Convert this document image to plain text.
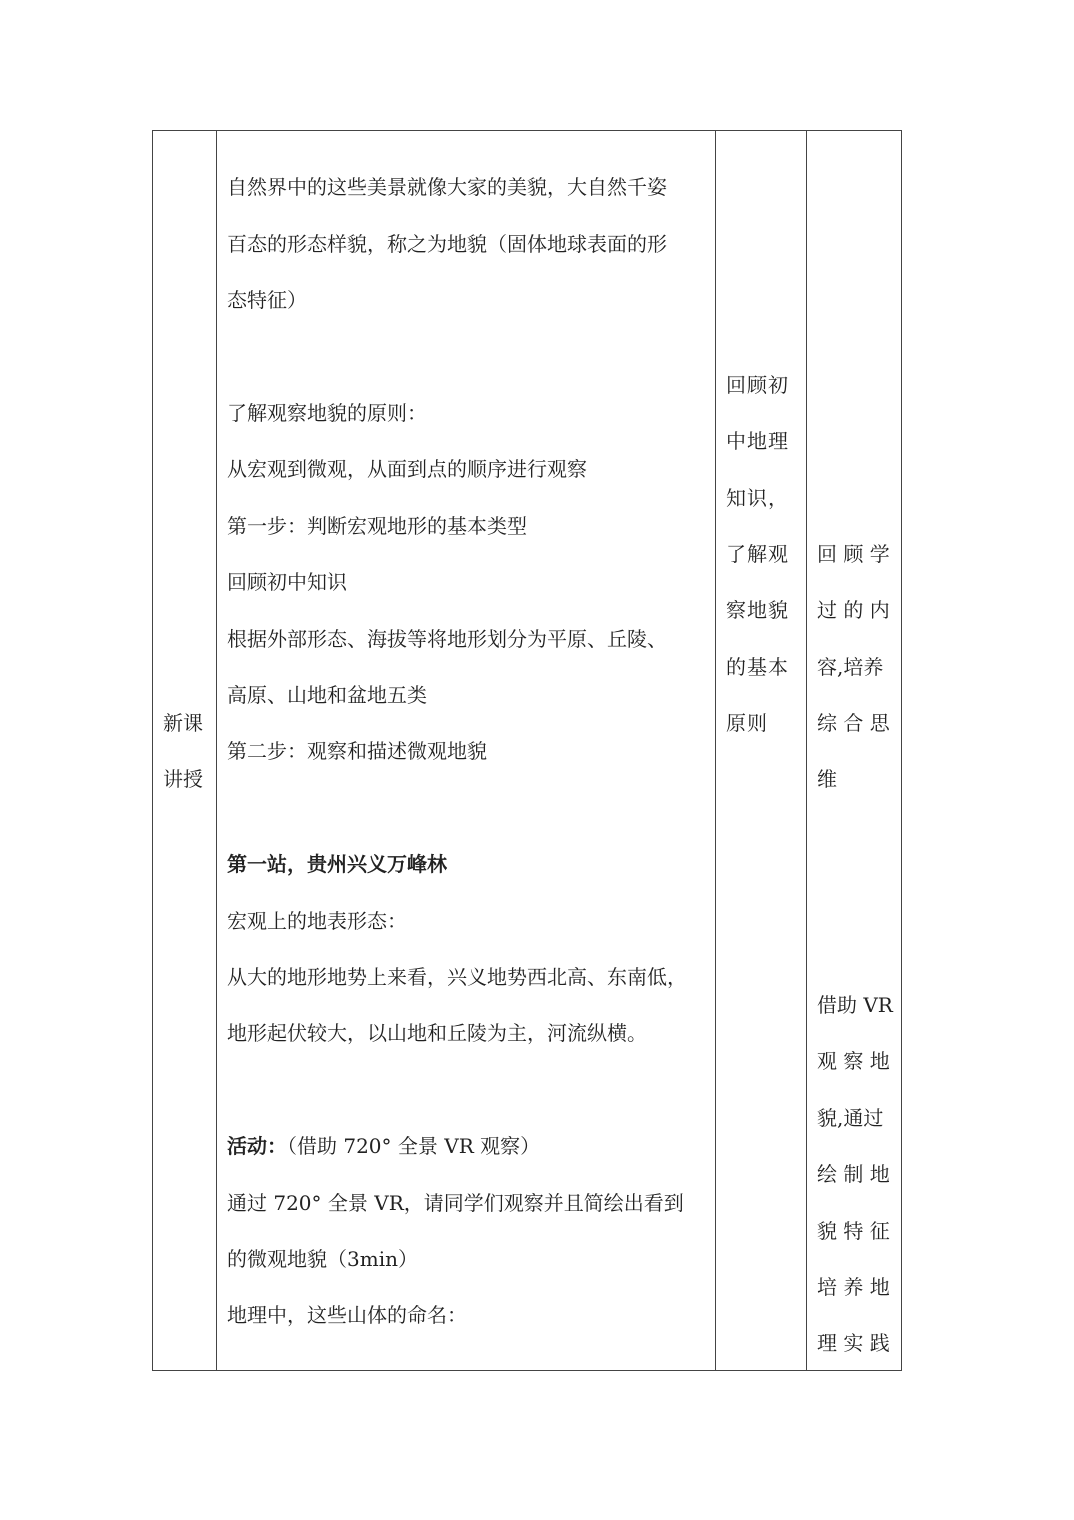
新课
讲授
自然界中的这些美景就像大家的美貌，大自然千姿
百态的形态样貌，称之为地貌（固体地球表面的形
态特征）
了解观察地貌的原则：
从宏观到微观，从面到点的顺序进行观察
第一步：判断宏观地形的基本类型
回顾初中知识
根据外部形态、海拔等将地形划分为平原、丘陵、
高原、山地和盆地五类
第二步：观察和描述微观地貌
第一站，贵州兴义万峰林
宏观上的地表形态：
从大的地形地势上来看，兴义地势西北高、东南低，
地形起伏较大，以山地和丘陵为主，河流纵横。
活动：（借助 720° 全景 VR 观察）
通过 720° 全景 VR，请同学们观察并且简绘出看到
的微观地貌（3min）
地理中，这些山体的命名：
回顾初
中地理
知识，
了解观
察地貌
的基本
原则
回 顾 学
过 的 内
容,培养
综 合 思
维
借助 VR
观 察 地
貌,通过
绘 制 地
貌 特 征
培 养 地
理 实 践
